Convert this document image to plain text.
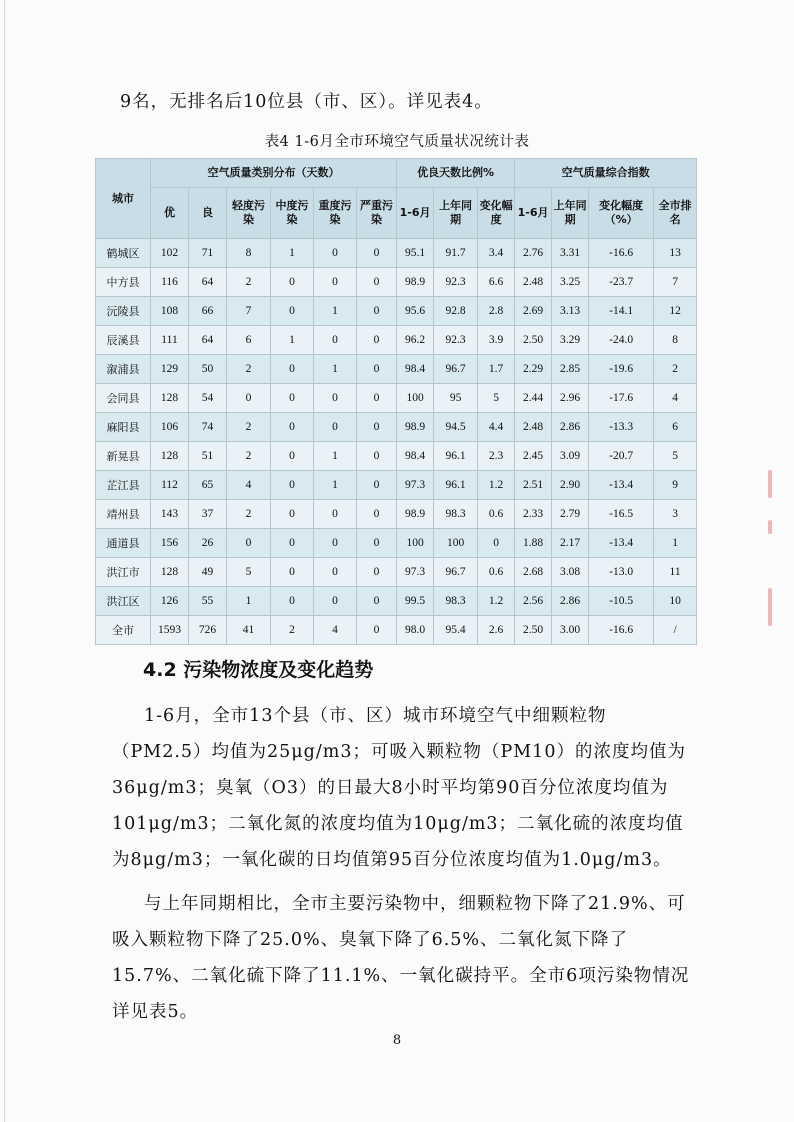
9名，无排名后10位县（市、区）。详见表4。
表4 1-6月全市环境空气质量状况统计表
城市	空气质量类别分布（天数）						优良天数比例%			空气质量综合指数			
	优	良	轻度污染	中度污染	重度污染	严重污染	1-6月	上年同期	变化幅度	1-6月	上年同期	变化幅度（%）	全市排名
鹤城区	102	71	8	1	0	0	95.1	91.7	3.4	2.76	3.31	-16.6	13
中方县	116	64	2	0	0	0	98.9	92.3	6.6	2.48	3.25	-23.7	7
沅陵县	108	66	7	0	1	0	95.6	92.8	2.8	2.69	3.13	-14.1	12
辰溪县	111	64	6	1	0	0	96.2	92.3	3.9	2.50	3.29	-24.0	8
溆浦县	129	50	2	0	1	0	98.4	96.7	1.7	2.29	2.85	-19.6	2
会同县	128	54	0	0	0	0	100	95	5	2.44	2.96	-17.6	4
麻阳县	106	74	2	0	0	0	98.9	94.5	4.4	2.48	2.86	-13.3	6
新晃县	128	51	2	0	1	0	98.4	96.1	2.3	2.45	3.09	-20.7	5
芷江县	112	65	4	0	1	0	97.3	96.1	1.2	2.51	2.90	-13.4	9
靖州县	143	37	2	0	0	0	98.9	98.3	0.6	2.33	2.79	-16.5	3
通道县	156	26	0	0	0	0	100	100	0	1.88	2.17	-13.4	1
洪江市	128	49	5	0	0	0	97.3	96.7	0.6	2.68	3.08	-13.0	11
洪江区	126	55	1	0	0	0	99.5	98.3	1.2	2.56	2.86	-10.5	10
全市	1593	726	41	2	4	0	98.0	95.4	2.6	2.50	3.00	-16.6	/
4.2 污染物浓度及变化趋势
1-6月，全市13个县（市、区）城市环境空气中细颗粒物（PM2.5）均值为25μg/m3；可吸入颗粒物（PM10）的浓度均值为36μg/m3；臭氧（O3）的日最大8小时平均第90百分位浓度均值为101μg/m3；二氧化氮的浓度均值为10μg/m3；二氧化硫的浓度均值为8μg/m3；一氧化碳的日均值第95百分位浓度均值为1.0μg/m3。
与上年同期相比，全市主要污染物中，细颗粒物下降了21.9%、可吸入颗粒物下降了25.0%、臭氧下降了6.5%、二氧化氮下降了15.7%、二氧化硫下降了11.1%、一氧化碳持平。全市6项污染物情况详见表5。
8
